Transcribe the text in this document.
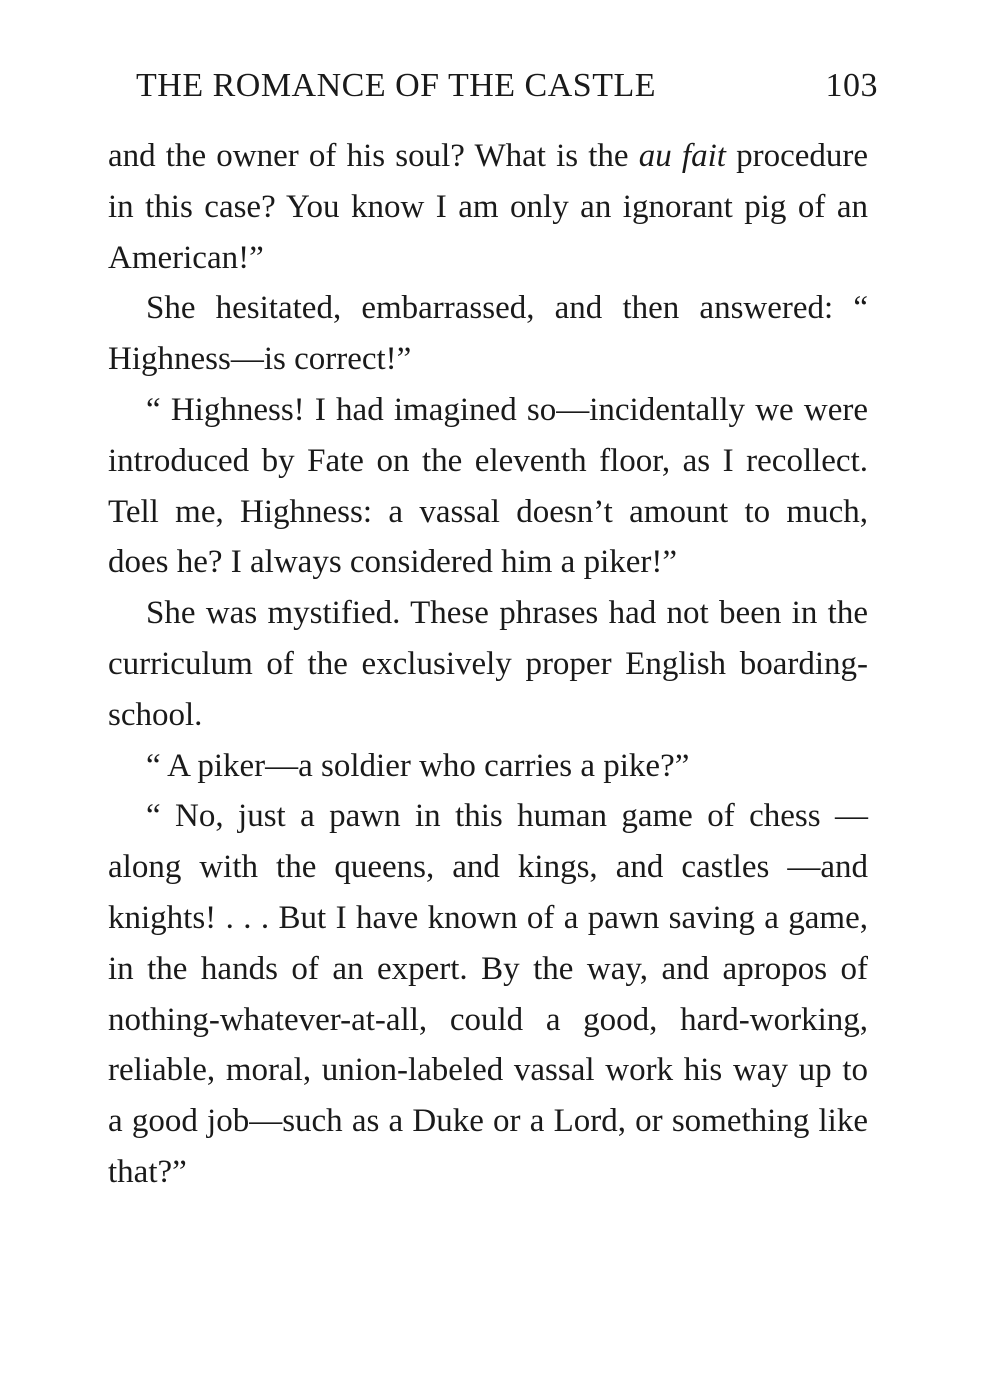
THE ROMANCE OF THE CASTLE	103

and the owner of his soul? What is the au fait procedure in this case? You know I am only an ignorant pig of an American!”

She hesitated, embarrassed, and then answered: “ Highness—is correct!”

“ Highness! I had imagined so—incidentally we were introduced by Fate on the eleventh floor, as I recollect. Tell me, Highness: a vassal doesn’t amount to much, does he? I always considered him a piker!”

She was mystified. These phrases had not been in the curriculum of the exclusively proper English boarding-school.

“ A piker—a soldier who carries a pike?”

“ No, just a pawn in this human game of chess —along with the queens, and kings, and castles —and knights! . . . But I have known of a pawn saving a game, in the hands of an expert. By the way, and apropos of nothing-whatever-at-all, could a good, hard-working, reliable, moral, union-labeled vassal work his way up to a good job—such as a Duke or a Lord, or something like that?”
